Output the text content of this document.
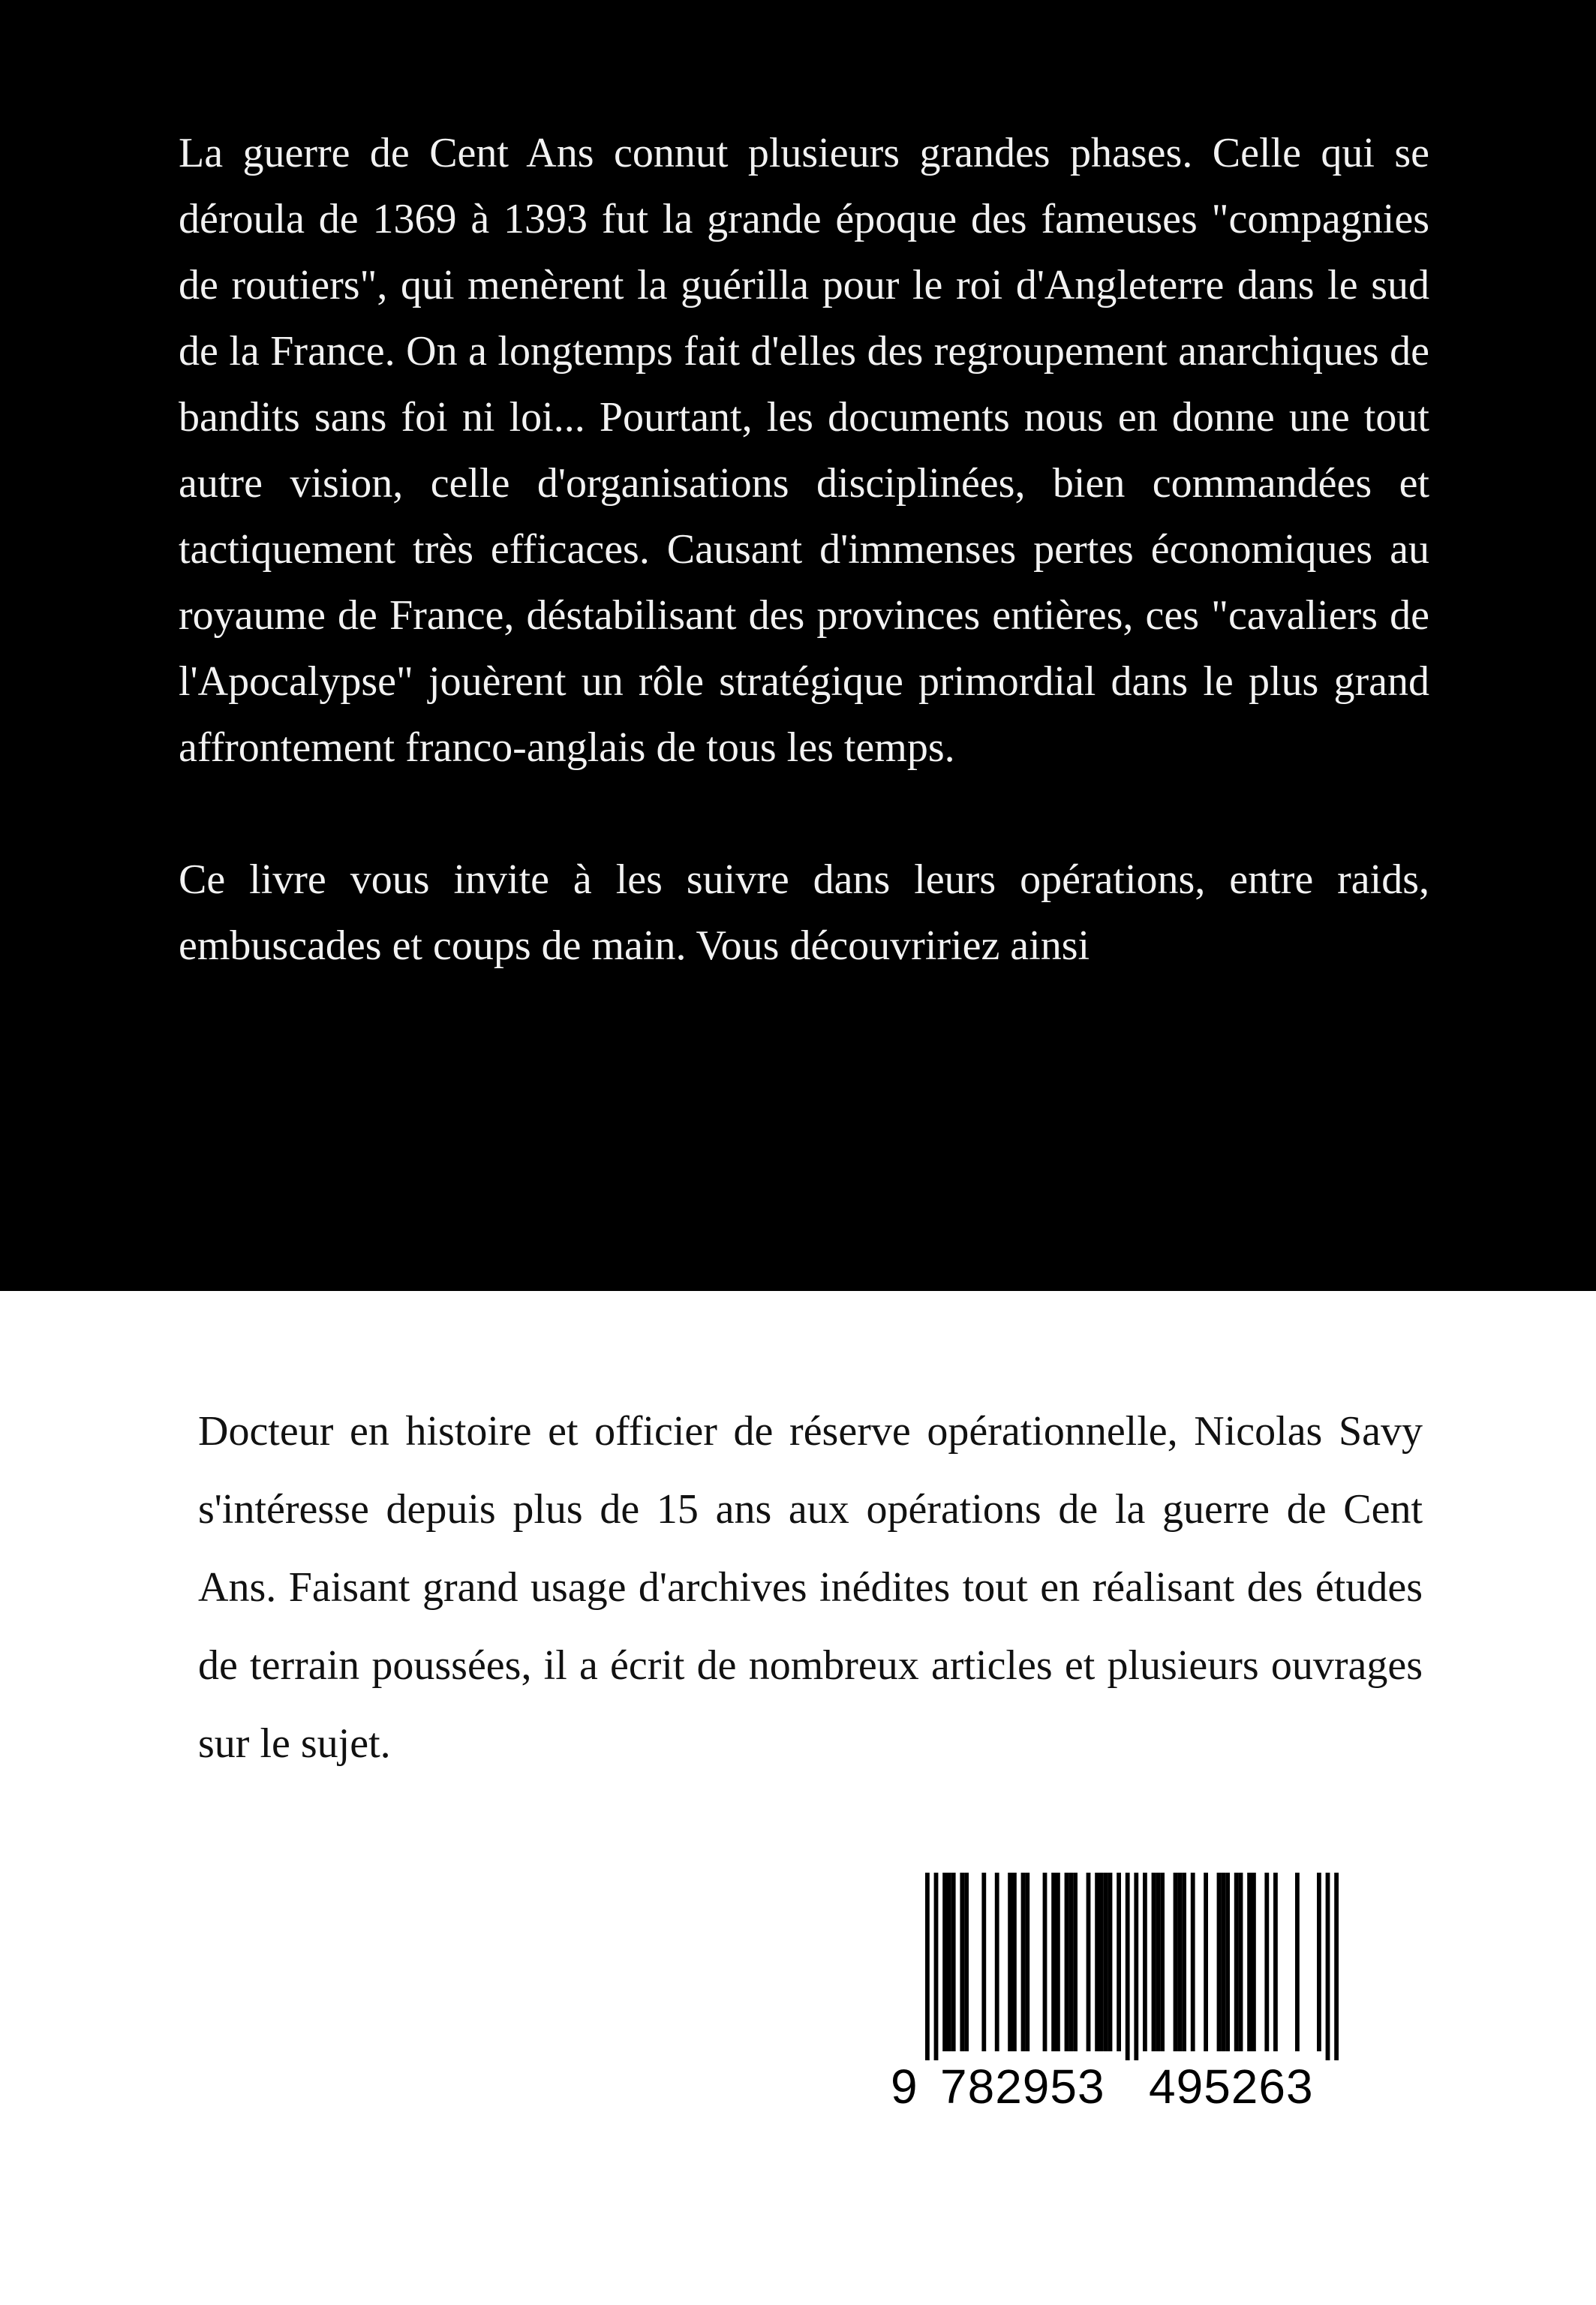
La guerre de Cent Ans connut plusieurs grandes phases. Celle qui se déroula de 1369 à 1393 fut la grande époque des fameuses "compagnies de routiers", qui menèrent la guérilla pour le roi d'Angleterre dans le sud de la France. On a longtemps fait d'elles des regroupement anarchiques de bandits sans foi ni loi... Pourtant, les documents nous en donne une tout autre vision, celle d'organisations disciplinées, bien commandées et tactiquement très efficaces. Causant d'immenses pertes économiques au royaume de France, déstabilisant des provinces entières, ces "cavaliers de l'Apocalypse" jouèrent un rôle stratégique primordial dans le plus grand affrontement franco-anglais de tous les temps.

Ce livre vous invite à les suivre dans leurs opérations, entre raids, embuscades et coups de main. Vous découvririez ainsi

Docteur en histoire et officier de réserve opérationnelle, Nicolas Savy s'intéresse depuis plus de 15 ans aux opérations de la guerre de Cent Ans. Faisant grand usage d'archives inédites tout en réalisant des études de terrain poussées, il a écrit de nombreux articles et plusieurs ouvrages sur le sujet.

9 782953 495263
